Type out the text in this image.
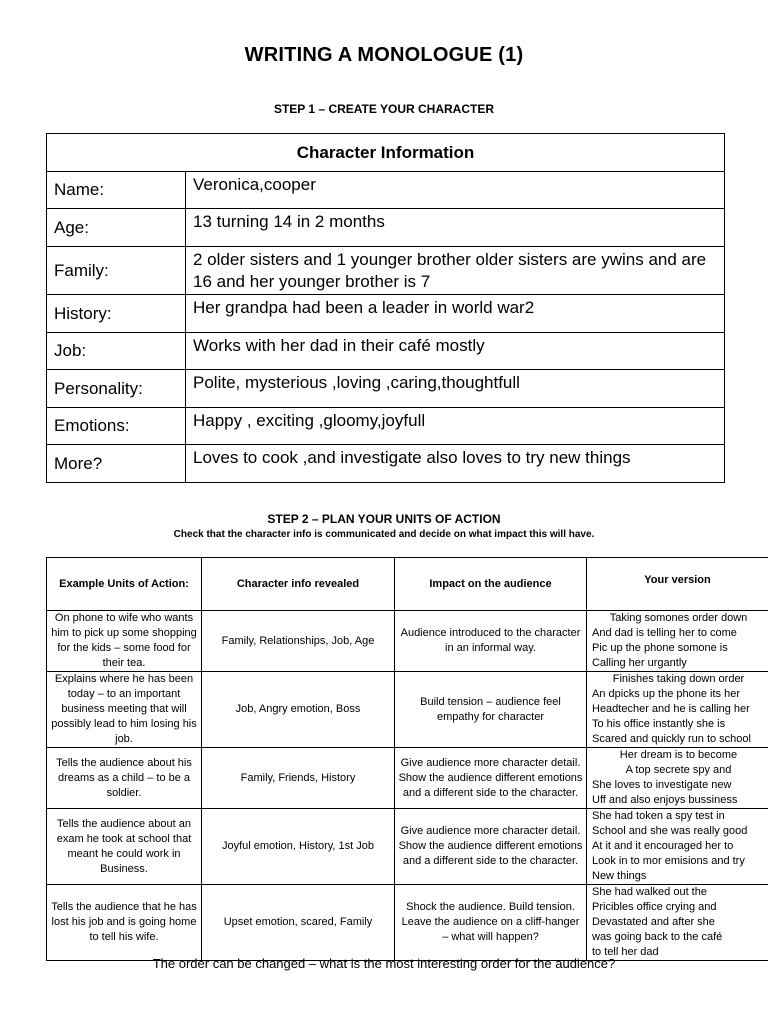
WRITING A MONOLOGUE (1)
STEP 1 – CREATE YOUR CHARACTER
Character Information	
Name:	Veronica,cooper
Age:	13 turning 14 in 2 months
Family:	2 older sisters and 1 younger brother older sisters are ywins and are 16 and her younger brother is 7
History:	Her grandpa had been a leader in world war2
Job:	Works with her dad in their café mostly
Personality:	Polite, mysterious ,loving ,caring,thoughtfull
Emotions:	Happy , exciting ,gloomy,joyfull
More?	Loves to cook ,and investigate also loves to try new things
STEP 2 – PLAN YOUR UNITS OF ACTION
Check that the character info is communicated and decide on what impact this will have.
Example Units of Action:	Character info revealed	Impact on the audience	Your version
On phone to wife who wants him to pick up some shopping for the kids – some food for their tea.	Family, Relationships, Job, Age	Audience introduced to the character in an informal way.	Taking somones order down
And dad is telling her to come
Pic up the phone somone is
Calling her urgantly

Explains where he has been today – to an important business meeting that will possibly lead to him losing his job.	Job, Angry emotion, Boss	Build tension – audience feel empathy for character	Finishes taking down order
An dpicks up the phone its her
Headtecher and he is calling her
To his office instantly she is
Scared and quickly run to school

Tells the audience about his dreams as a child – to be a soldier.	Family, Friends, History	Give audience more character detail. Show the audience different emotions and a different side to the character.	Her dream is to become
A top secrete spy and
She loves to investigate new
Uff and also enjoys bussiness

Tells the audience about an exam he took at school that meant he could work in Business.	Joyful emotion, History, 1st Job	Give audience more character detail. Show the audience different emotions and a different side to the character.	She had token a spy test in
School and she was really good
At it and it encouraged her to
Look in to mor emisions and try
New things

Tells the audience that he has lost his job and is going home to tell his wife.	Upset emotion, scared, Family	Shock the audience. Build tension. Leave the audience on a cliff-hanger – what will happen?	She had walked out the
Pricibles office crying and
Devastated and after she
was going back to the café
to tell her dad
The order can be changed – what is the most interesting order for the audience?
